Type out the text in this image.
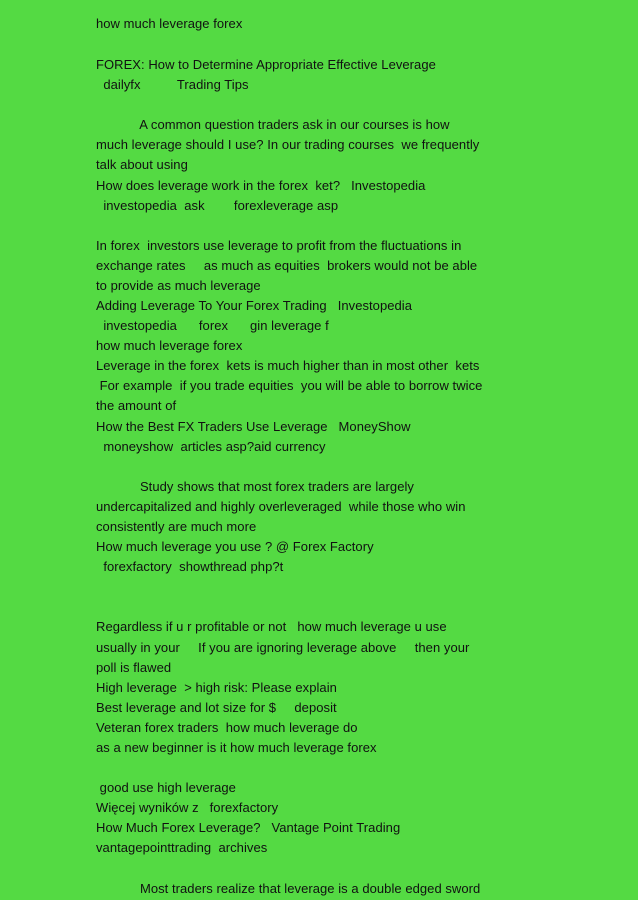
how much leverage forex
FOREX: How to Determine Appropriate Effective Leverage
dailyfx          Trading Tips
A common question traders ask in our courses is how
much leverage should I use? In our trading courses  we frequently
talk about using
How does leverage work in the forex  ket?   Investopedia
investopedia  ask        forexleverage asp
In forex  investors use leverage to profit from the fluctuations in
exchange rates     as much as equities  brokers would not be able
to provide as much leverage
Adding Leverage To Your Forex Trading   Investopedia
investopedia      forex      gin leverage f
how much leverage forex
Leverage in the forex  kets is much higher than in most other  kets
For example  if you trade equities  you will be able to borrow twice
the amount of
How the Best FX Traders Use Leverage   MoneyShow
moneyshow  articles asp?aid currency
Study shows that most forex traders are largely
undercapitalized and highly overleveraged  while those who win
consistently are much more
How much leverage you use ? @ Forex Factory
forexfactory  showthread php?t
Regardless if u r profitable or not   how much leverage u use
usually in your     If you are ignoring leverage above     then your
poll is flawed
High leverage  > high risk: Please explain
Best leverage and lot size for $     deposit
Veteran forex traders  how much leverage do
as a new beginner is it how much leverage forex
good use high leverage
Więcej wyników z   forexfactory
How Much Forex Leverage?   Vantage Point Trading
vantagepointtrading  archives
Most traders realize that leverage is a double edged sword
